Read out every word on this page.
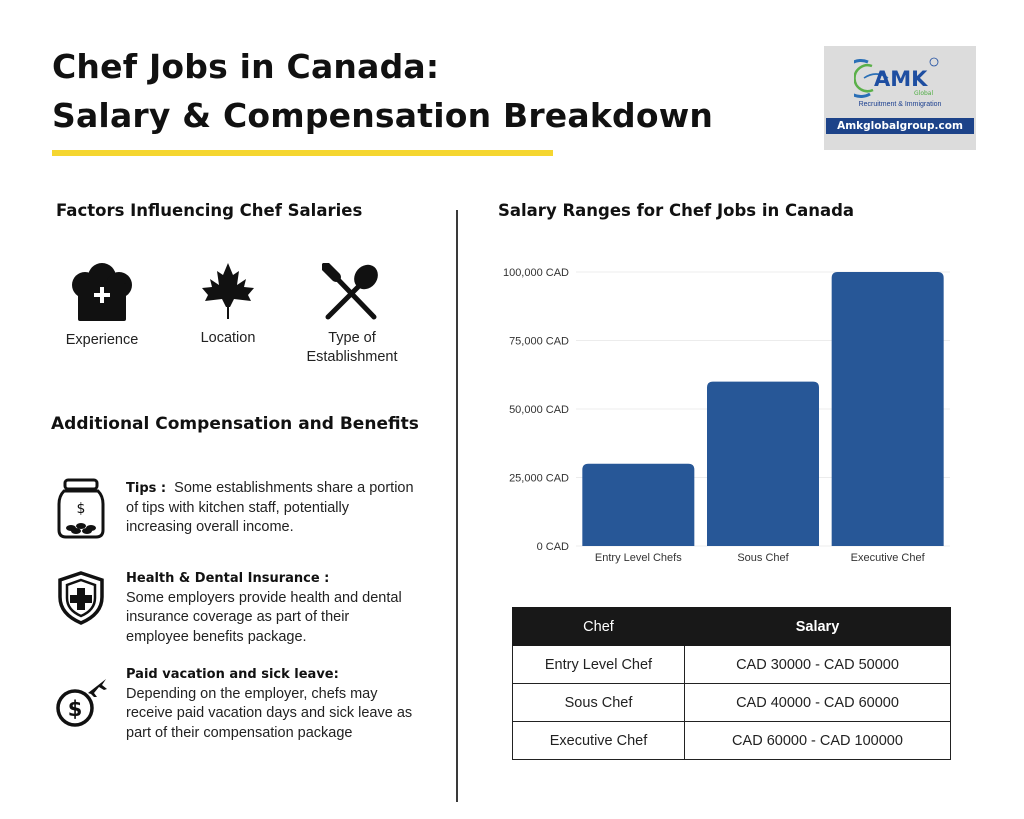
Chef Jobs in Canada:
Salary & Compensation Breakdown
AMK
Global
Recruitment & Immigration
Amkglobalgroup.com
Factors Influencing Chef Salaries
Experience	Location	Type of
Establishment
Additional Compensation and Benefits
$
Tips : Some establishments share a portion of tips with kitchen staff, potentially increasing overall income.
Health & Dental Insurance :
Some employers provide health and dental insurance coverage as part of their employee benefits package.
$
Paid vacation and sick leave:
Depending on the employer, chefs may receive paid vacation days and sick leave as part of their compensation package
Salary Ranges for Chef Jobs in Canada
0 CAD
25,000 CAD
50,000 CAD
75,000 CAD
100,000 CAD
Entry Level Chefs	Sous Chef	Executive Chef
Chef	Salary
Entry Level Chef	CAD 30000 - CAD 50000
Sous Chef	CAD 40000 - CAD 60000
Executive Chef	CAD 60000 - CAD 100000
